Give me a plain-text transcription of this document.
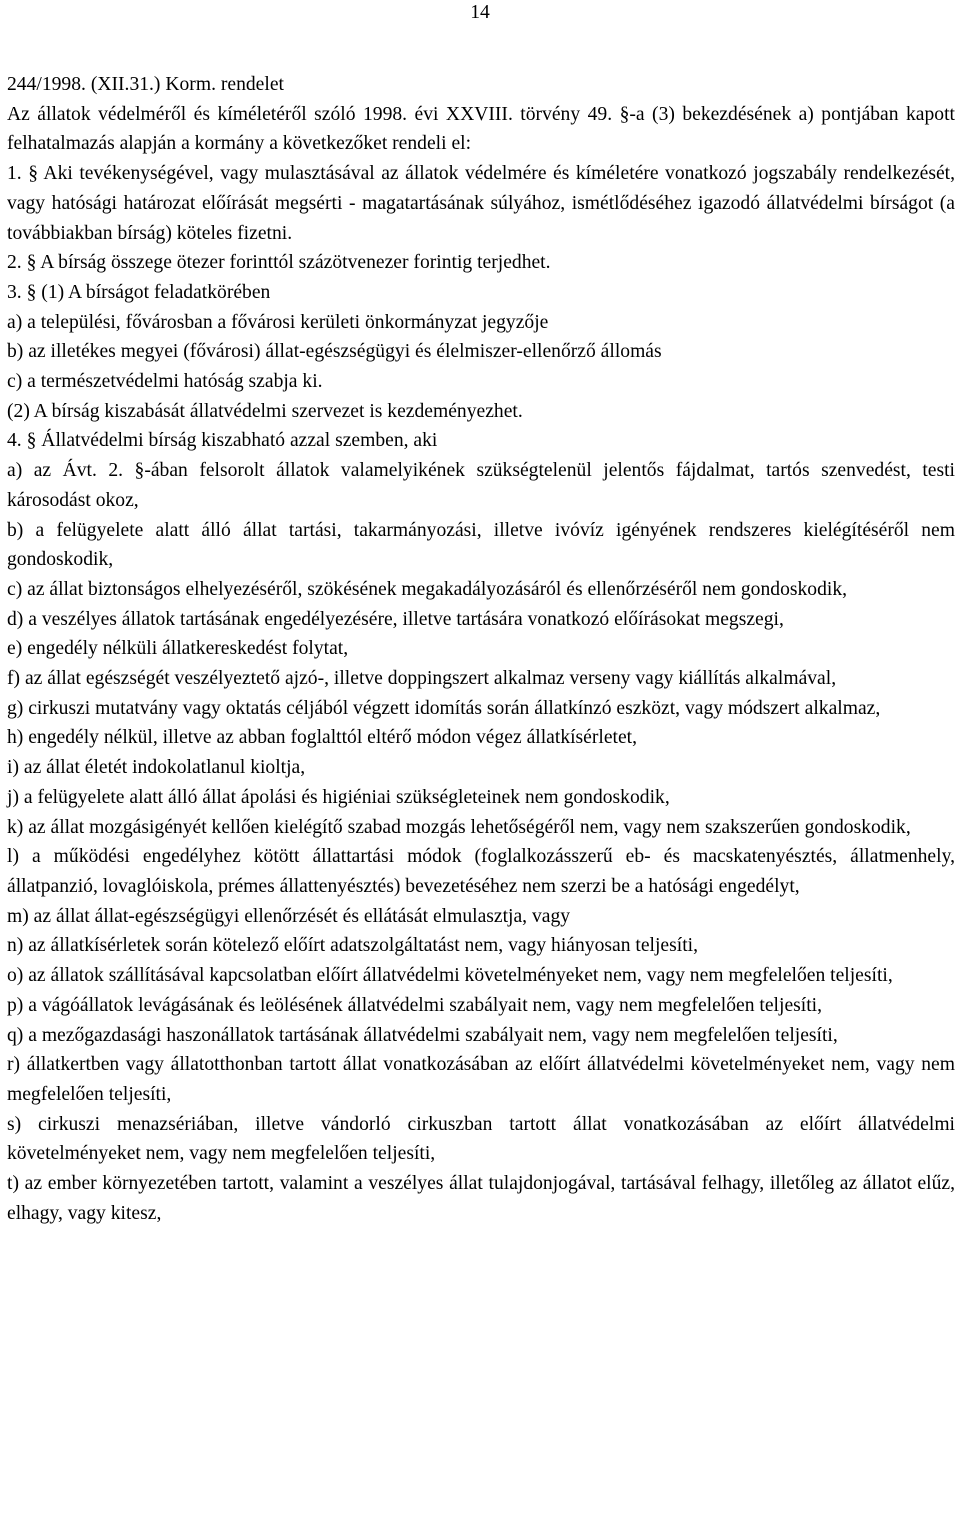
14

244/1998. (XII.31.) Korm. rendelet

Az állatok védelméről és kíméletéről szóló 1998. évi XXVIII. törvény 49. §-a (3) bekezdésének a) pontjában kapott felhatalmazás alapján a kormány a következőket rendeli el:

1. § Aki tevékenységével, vagy mulasztásával az állatok védelmére és kíméletére vonatkozó jogszabály rendelkezését, vagy hatósági határozat előírását megsérti - magatartásának súlyához, ismétlődéséhez igazodó állatvédelmi bírságot (a továbbiakban bírság) köteles fizetni.

2. § A bírság összege ötezer forinttól százötvenezer forintig terjedhet.

3. § (1) A bírságot feladatkörében

a) a települési, fővárosban a fővárosi kerületi önkormányzat jegyzője

b) az illetékes megyei (fővárosi) állat-egészségügyi és élelmiszer-ellenőrző állomás

c) a természetvédelmi hatóság szabja ki.

(2) A bírság kiszabását állatvédelmi szervezet is kezdeményezhet.

4. § Állatvédelmi bírság kiszabható azzal szemben, aki

a) az Ávt. 2. §-ában felsorolt állatok valamelyikének szükségtelenül jelentős fájdalmat, tartós szenvedést, testi károsodást okoz,

b) a felügyelete alatt álló állat tartási, takarmányozási, illetve ivóvíz igényének rendszeres kielégítéséről nem gondoskodik,

c) az állat biztonságos elhelyezéséről, szökésének megakadályozásáról és ellenőrzéséről nem gondoskodik,

d) a veszélyes állatok tartásának engedélyezésére, illetve tartására vonatkozó előírásokat megszegi,

e) engedély nélküli állatkereskedést folytat,

f) az állat egészségét veszélyeztető ajzó-, illetve doppingszert alkalmaz verseny vagy kiállítás alkalmával,

g) cirkuszi mutatvány vagy oktatás céljából végzett idomítás során állatkínzó eszközt, vagy módszert alkalmaz,

h) engedély nélkül, illetve az abban foglalttól eltérő módon végez állatkísérletet,

i) az állat életét indokolatlanul kioltja,

j) a felügyelete alatt álló állat ápolási és higiéniai szükségleteinek nem gondoskodik,

k) az állat mozgásigényét kellően kielégítő szabad mozgás lehetőségéről nem, vagy nem szakszerűen gondoskodik,

l) a működési engedélyhez kötött állattartási módok (foglalkozásszerű eb- és macskatenyésztés, állatmenhely, állatpanzió, lovaglóiskola, prémes állattenyésztés) bevezetéséhez nem szerzi be a hatósági engedélyt,

m) az állat állat-egészségügyi ellenőrzését és ellátását elmulasztja, vagy

n) az állatkísérletek során kötelező előírt adatszolgáltatást nem, vagy hiányosan teljesíti,

o) az állatok szállításával kapcsolatban előírt állatvédelmi követelményeket nem, vagy nem megfelelően teljesíti,

p) a vágóállatok levágásának és leölésének állatvédelmi szabályait nem, vagy nem megfelelően teljesíti,

q) a mezőgazdasági haszonállatok tartásának állatvédelmi szabályait nem, vagy nem megfelelően teljesíti,

r) állatkertben vagy állatotthonban tartott állat vonatkozásában az előírt állatvédelmi követelményeket nem, vagy nem megfelelően teljesíti,

s) cirkuszi menazsériában, illetve vándorló cirkuszban tartott állat vonatkozásában az előírt állatvédelmi követelményeket nem, vagy nem megfelelően teljesíti,

t) az ember környezetében tartott, valamint a veszélyes állat tulajdonjogával, tartásával felhagy, illetőleg az állatot elűz, elhagy, vagy kitesz,
